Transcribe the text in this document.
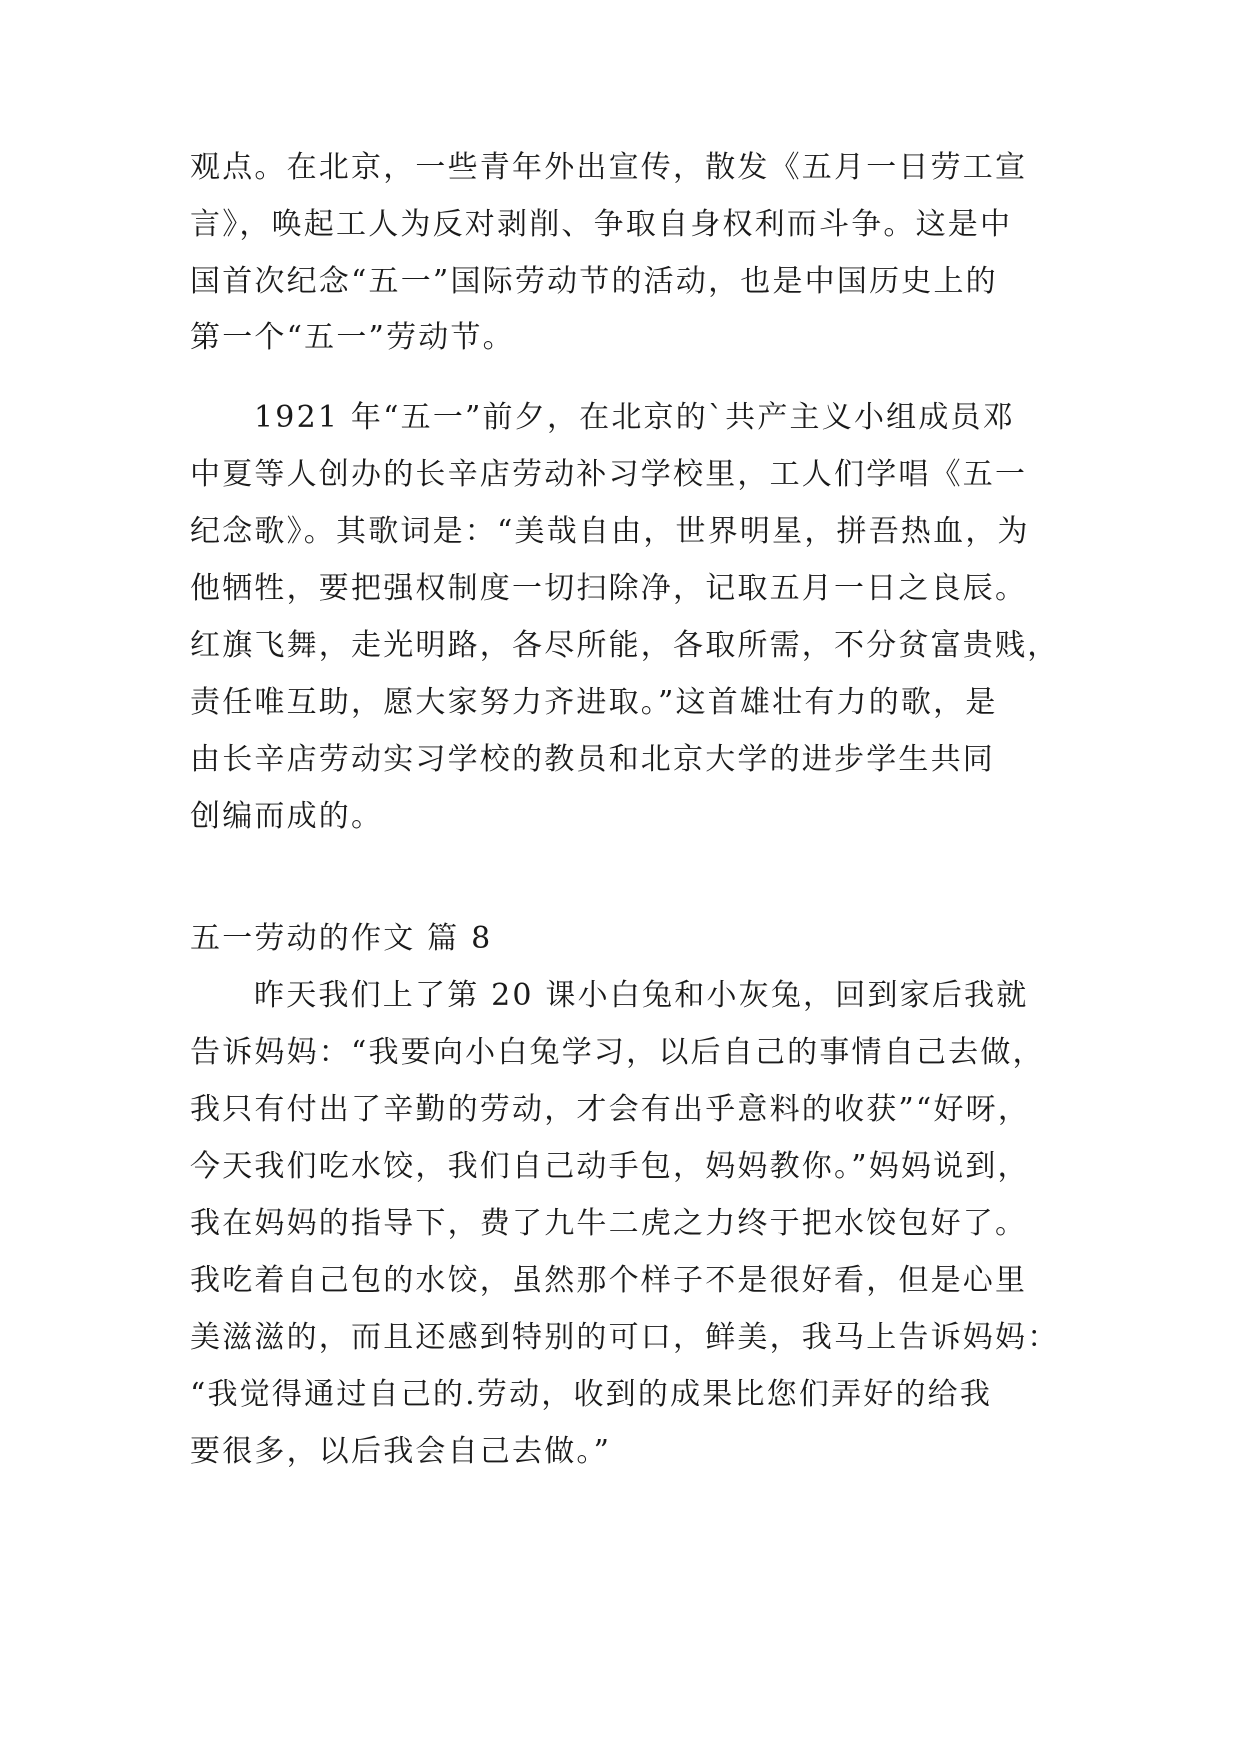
观点。在北京，一些青年外出宣传，散发《五月一日劳工宣
言》，唤起工人为反对剥削、争取自身权利而斗争。这是中
国首次纪念“五一”国际劳动节的活动，也是中国历史上的
第一个“五一”劳动节。
1921 年“五一”前夕，在北京的`共产主义小组成员邓
中夏等人创办的长辛店劳动补习学校里，工人们学唱《五一
纪念歌》。其歌词是：“美哉自由，世界明星，拼吾热血，为
他牺牲，要把强权制度一切扫除净，记取五月一日之良辰。
红旗飞舞，走光明路，各尽所能，各取所需，不分贫富贵贱，
责任唯互助，愿大家努力齐进取。”这首雄壮有力的歌，是
由长辛店劳动实习学校的教员和北京大学的进步学生共同
创编而成的。
五一劳动的作文 篇 8
昨天我们上了第 20 课小白兔和小灰兔，回到家后我就
告诉妈妈：“我要向小白兔学习，以后自己的事情自己去做，
我只有付出了辛勤的劳动，才会有出乎意料的收获”“好呀，
今天我们吃水饺，我们自己动手包，妈妈教你。”妈妈说到，
我在妈妈的指导下，费了九牛二虎之力终于把水饺包好了。
我吃着自己包的水饺，虽然那个样子不是很好看，但是心里
美滋滋的，而且还感到特别的可口，鲜美，我马上告诉妈妈：
“我觉得通过自己的.劳动，收到的成果比您们弄好的给我
要很多，以后我会自己去做。”
